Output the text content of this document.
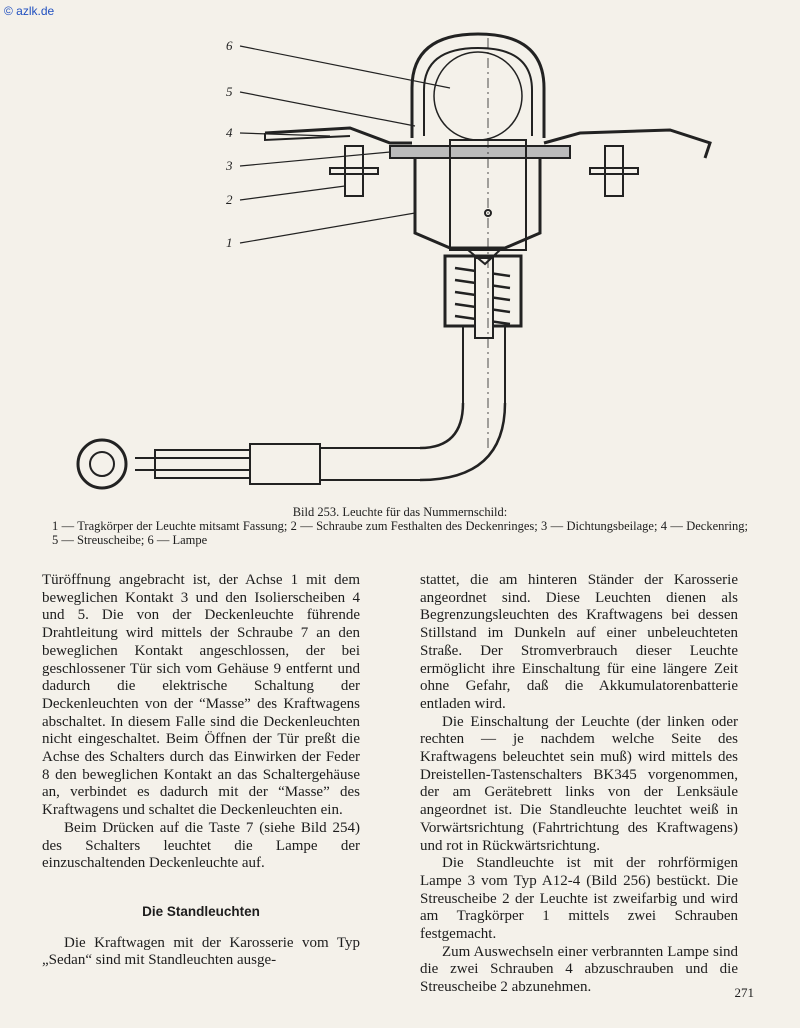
© azlk.de
6
5
4
3
2
1
Bild 253. Leuchte für das Nummernschild:
1 — Tragkörper der Leuchte mitsamt Fassung; 2 — Schraube zum Festhalten des Deckenringes; 3 — Dichtungsbeilage; 4 — Deckenring; 5 — Streuscheibe; 6 — Lampe

Türöffnung angebracht ist, der Achse 1 mit dem beweglichen Kontakt 3 und den Isolierscheiben 4 und 5. Die von der Deckenleuchte führende Drahtleitung wird mittels der Schraube 7 an den beweglichen Kontakt angeschlossen, der bei geschlossener Tür sich vom Gehäuse 9 entfernt und dadurch die elektrische Schaltung der Deckenleuchten von der “Masse” des Kraftwagens abschaltet. In diesem Falle sind die Deckenleuchten nicht eingeschaltet. Beim Öffnen der Tür preßt die Achse des Schalters durch das Einwirken der Feder 8 den beweglichen Kontakt an das Schaltergehäuse an, verbindet es dadurch mit der “Masse” des Kraftwagens und schaltet die Deckenleuchten ein.

Beim Drücken auf die Taste 7 (siehe Bild 254) des Schalters leuchtet die Lampe der einzuschaltenden Deckenleuchte auf.

Die Standleuchten

Die Kraftwagen mit der Karosserie vom Typ „Sedan“ sind mit Standleuchten ausge-

stattet, die am hinteren Ständer der Karosserie angeordnet sind. Diese Leuchten dienen als Begrenzungsleuchten des Kraftwagens bei dessen Stillstand im Dunkeln auf einer unbeleuchteten Straße. Der Stromverbrauch dieser Leuchte ermöglicht ihre Einschaltung für eine längere Zeit ohne Gefahr, daß die Akkumulatorenbatterie entladen wird.

Die Einschaltung der Leuchte (der linken oder rechten — je nachdem welche Seite des Kraftwagens beleuchtet sein muß) wird mittels des Dreistellen-Tastenschalters BK345 vorgenommen, der am Gerätebrett links von der Lenksäule angeordnet ist. Die Standleuchte leuchtet weiß in Vorwärtsrichtung (Fahrtrichtung des Kraftwagens) und rot in Rückwärtsrichtung.

Die Standleuchte ist mit der rohrförmigen Lampe 3 vom Typ A12-4 (Bild 256) bestückt. Die Streuscheibe 2 der Leuchte ist zweifarbig und wird am Tragkörper 1 mittels zwei Schrauben festgemacht.

Zum Auswechseln einer verbrannten Lampe sind die zwei Schrauben 4 abzuschrauben und die Streuscheibe 2 abzunehmen.	271
